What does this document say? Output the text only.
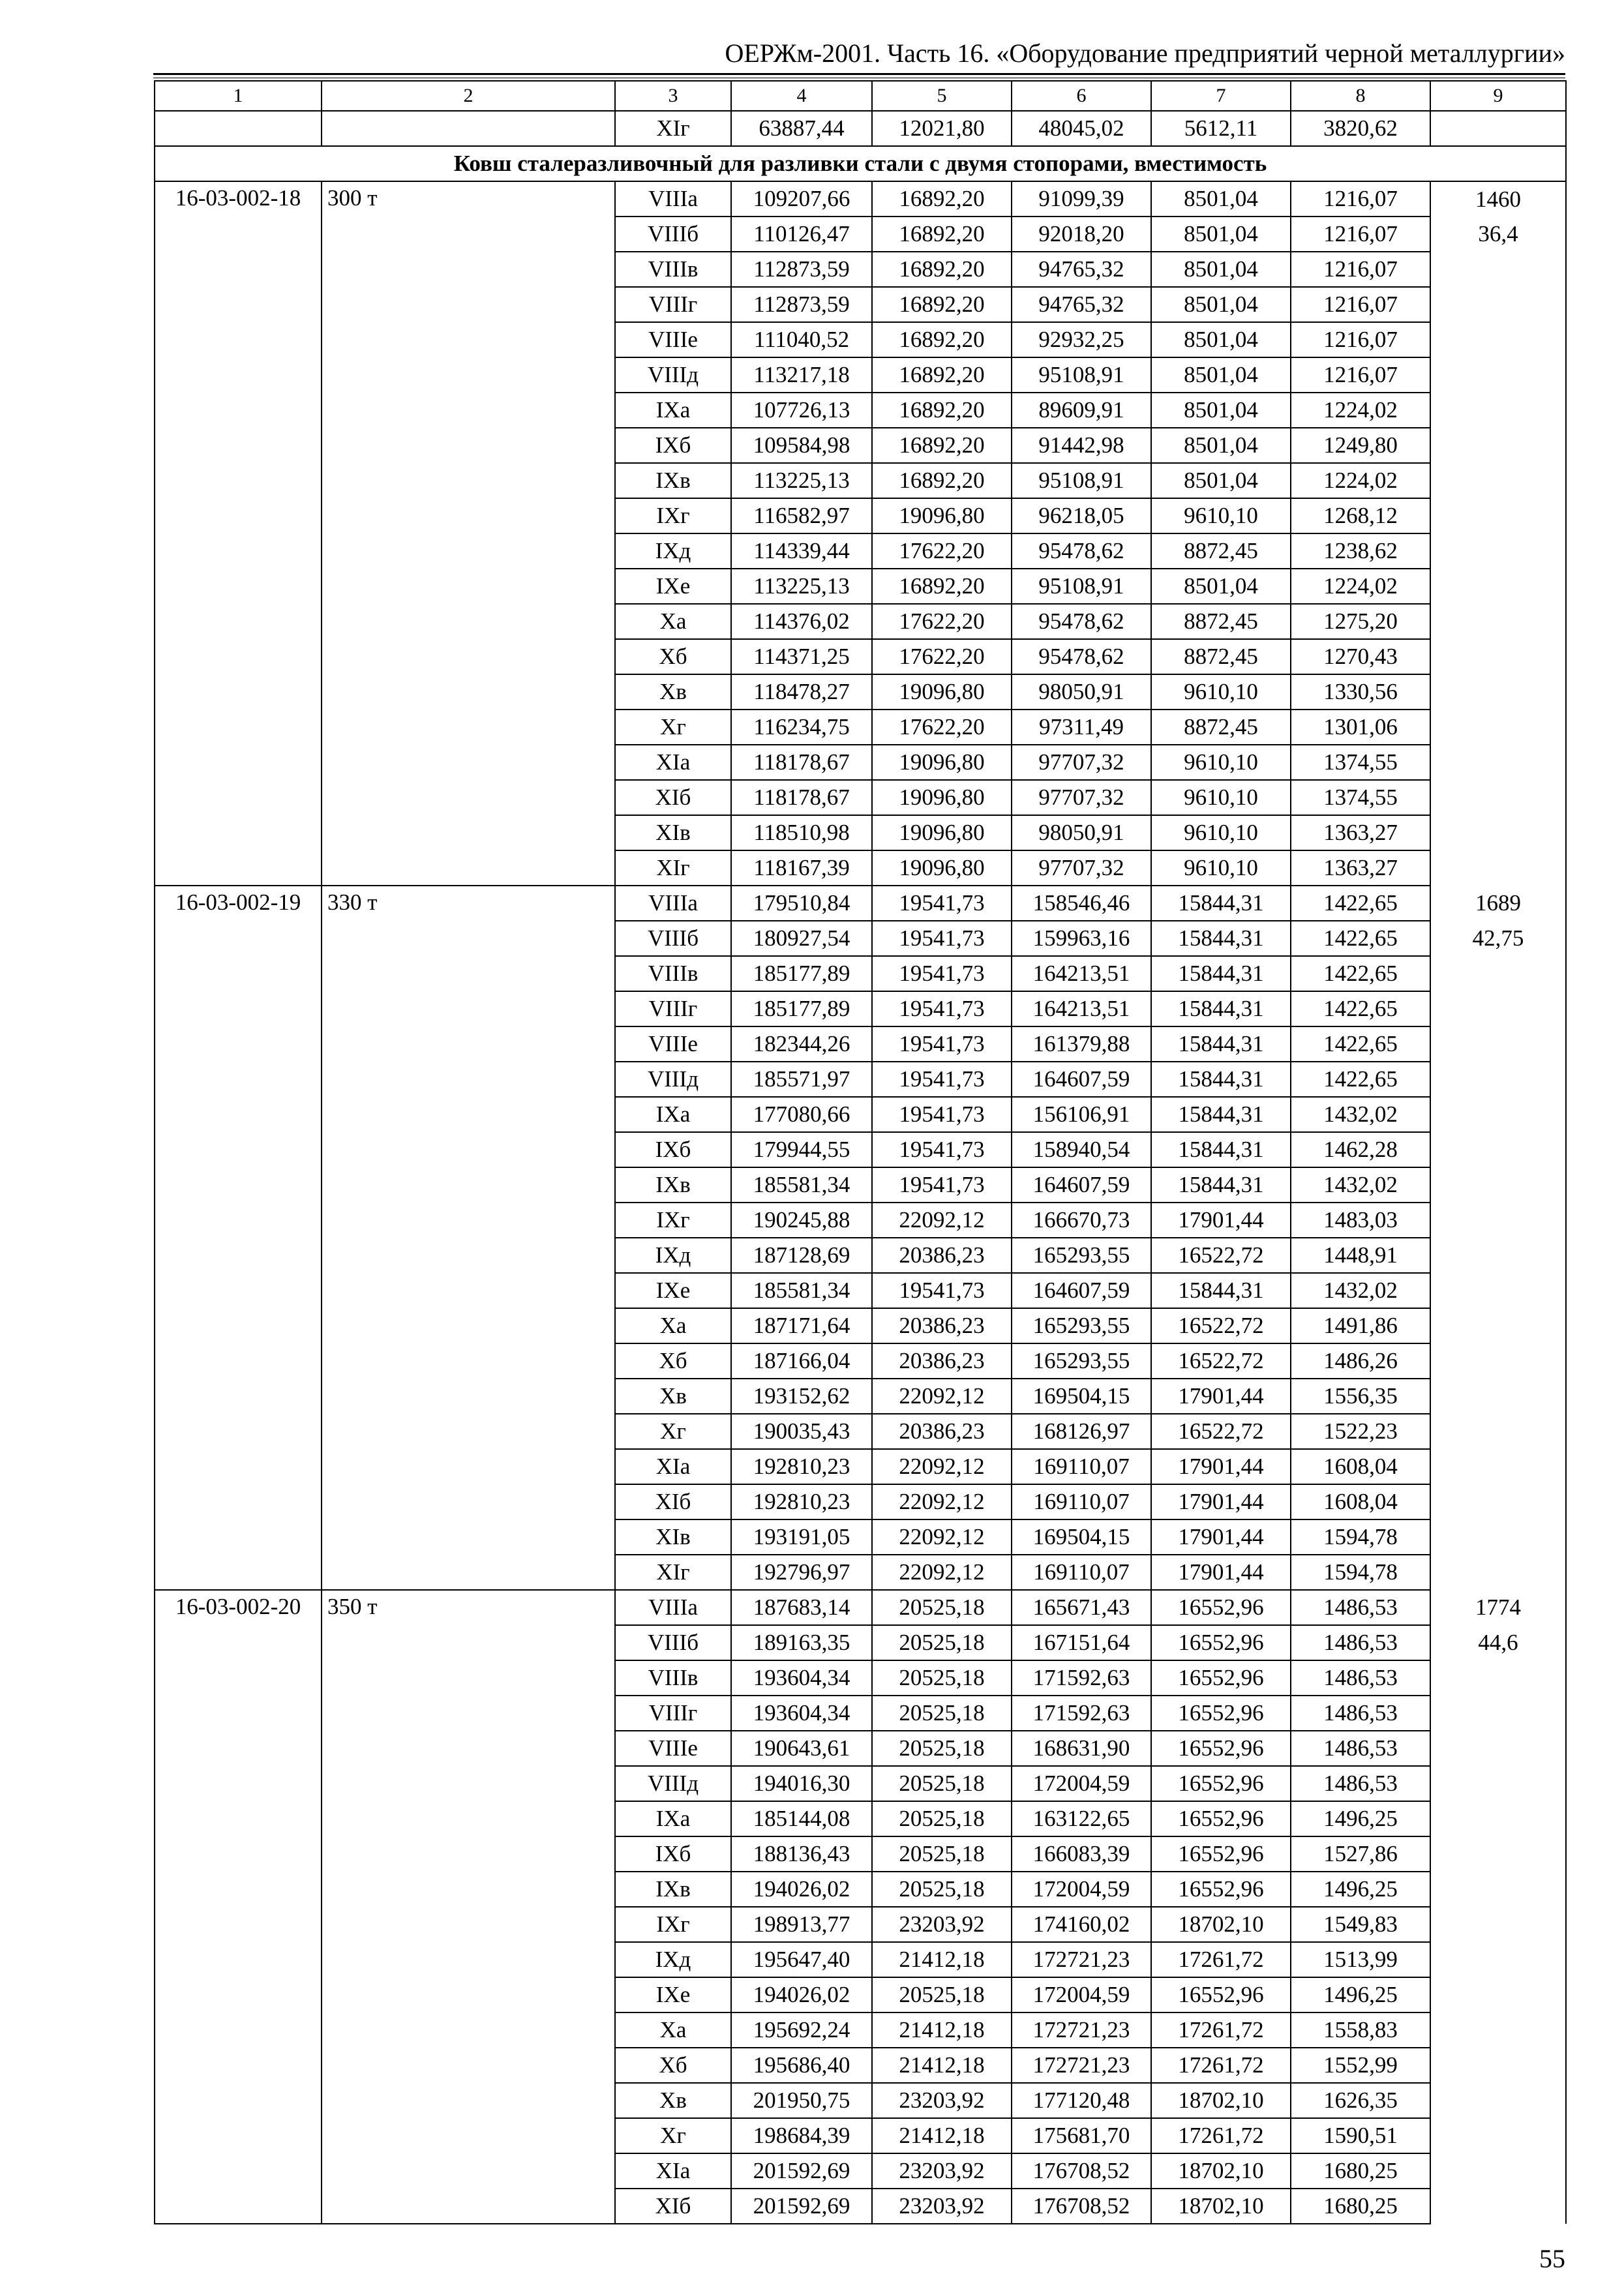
ОЕРЖм-2001. Часть 16. «Оборудование предприятий черной металлургии»
1	2	3	4	5	6	7	8	9
		XIг	63887,44	12021,80	48045,02	5612,11	3820,62	
Ковш сталеразливочный для разливки стали с двумя стопорами, вместимость								
16-03-002-18	300 т	VIIIа	109207,66	16892,20	91099,39	8501,04	1216,07	1460
		VIIIб	110126,47	16892,20	92018,20	8501,04	1216,07	36,4
		VIIIв	112873,59	16892,20	94765,32	8501,04	1216,07	
		VIIIг	112873,59	16892,20	94765,32	8501,04	1216,07	
		VIIIе	111040,52	16892,20	92932,25	8501,04	1216,07	
		VIIIд	113217,18	16892,20	95108,91	8501,04	1216,07	
		IXа	107726,13	16892,20	89609,91	8501,04	1224,02	
		IXб	109584,98	16892,20	91442,98	8501,04	1249,80	
		IXв	113225,13	16892,20	95108,91	8501,04	1224,02	
		IXг	116582,97	19096,80	96218,05	9610,10	1268,12	
		IXд	114339,44	17622,20	95478,62	8872,45	1238,62	
		IXе	113225,13	16892,20	95108,91	8501,04	1224,02	
		Xа	114376,02	17622,20	95478,62	8872,45	1275,20	
		Xб	114371,25	17622,20	95478,62	8872,45	1270,43	
		Xв	118478,27	19096,80	98050,91	9610,10	1330,56	
		Xг	116234,75	17622,20	97311,49	8872,45	1301,06	
		XIа	118178,67	19096,80	97707,32	9610,10	1374,55	
		XIб	118178,67	19096,80	97707,32	9610,10	1374,55	
		XIв	118510,98	19096,80	98050,91	9610,10	1363,27	
		XIг	118167,39	19096,80	97707,32	9610,10	1363,27	
16-03-002-19	330 т	VIIIа	179510,84	19541,73	158546,46	15844,31	1422,65	1689
		VIIIб	180927,54	19541,73	159963,16	15844,31	1422,65	42,75
		VIIIв	185177,89	19541,73	164213,51	15844,31	1422,65	
		VIIIг	185177,89	19541,73	164213,51	15844,31	1422,65	
		VIIIе	182344,26	19541,73	161379,88	15844,31	1422,65	
		VIIIд	185571,97	19541,73	164607,59	15844,31	1422,65	
		IXа	177080,66	19541,73	156106,91	15844,31	1432,02	
		IXб	179944,55	19541,73	158940,54	15844,31	1462,28	
		IXв	185581,34	19541,73	164607,59	15844,31	1432,02	
		IXг	190245,88	22092,12	166670,73	17901,44	1483,03	
		IXд	187128,69	20386,23	165293,55	16522,72	1448,91	
		IXе	185581,34	19541,73	164607,59	15844,31	1432,02	
		Xа	187171,64	20386,23	165293,55	16522,72	1491,86	
		Xб	187166,04	20386,23	165293,55	16522,72	1486,26	
		Xв	193152,62	22092,12	169504,15	17901,44	1556,35	
		Xг	190035,43	20386,23	168126,97	16522,72	1522,23	
		XIа	192810,23	22092,12	169110,07	17901,44	1608,04	
		XIб	192810,23	22092,12	169110,07	17901,44	1608,04	
		XIв	193191,05	22092,12	169504,15	17901,44	1594,78	
		XIг	192796,97	22092,12	169110,07	17901,44	1594,78	
16-03-002-20	350 т	VIIIа	187683,14	20525,18	165671,43	16552,96	1486,53	1774
		VIIIб	189163,35	20525,18	167151,64	16552,96	1486,53	44,6
		VIIIв	193604,34	20525,18	171592,63	16552,96	1486,53	
		VIIIг	193604,34	20525,18	171592,63	16552,96	1486,53	
		VIIIе	190643,61	20525,18	168631,90	16552,96	1486,53	
		VIIIд	194016,30	20525,18	172004,59	16552,96	1486,53	
		IXа	185144,08	20525,18	163122,65	16552,96	1496,25	
		IXб	188136,43	20525,18	166083,39	16552,96	1527,86	
		IXв	194026,02	20525,18	172004,59	16552,96	1496,25	
		IXг	198913,77	23203,92	174160,02	18702,10	1549,83	
		IXд	195647,40	21412,18	172721,23	17261,72	1513,99	
		IXе	194026,02	20525,18	172004,59	16552,96	1496,25	
		Xа	195692,24	21412,18	172721,23	17261,72	1558,83	
		Xб	195686,40	21412,18	172721,23	17261,72	1552,99	
		Xв	201950,75	23203,92	177120,48	18702,10	1626,35	
		Xг	198684,39	21412,18	175681,70	17261,72	1590,51	
		XIа	201592,69	23203,92	176708,52	18702,10	1680,25	
		XIб	201592,69	23203,92	176708,52	18702,10	1680,25	
55
